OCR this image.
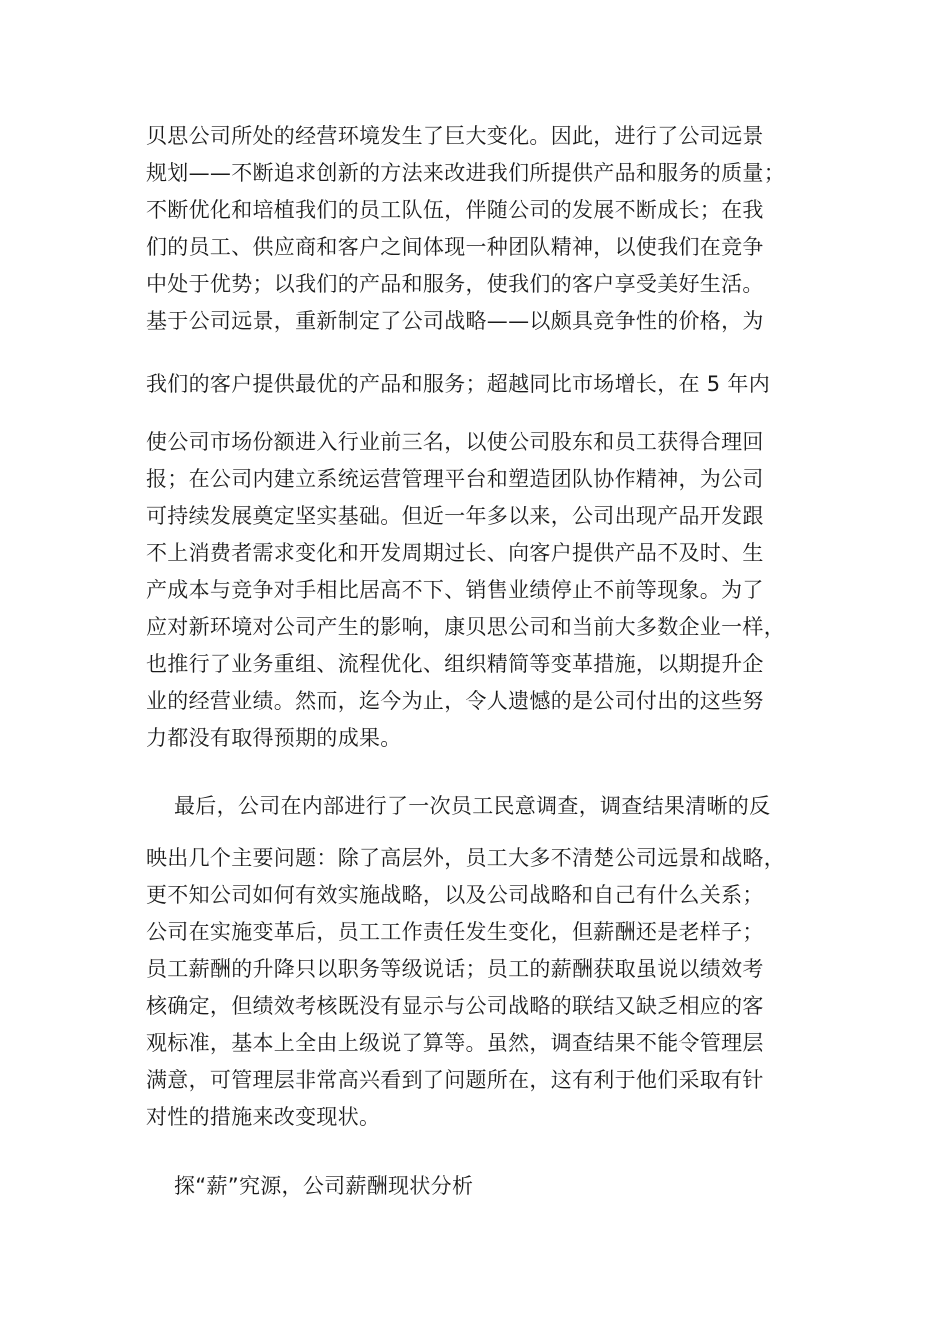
贝思公司所处的经营环境发生了巨大变化。因此，进行了公司远景

规划——不断追求创新的方法来改进我们所提供产品和服务的质量；

不断优化和培植我们的员工队伍，伴随公司的发展不断成长；在我

们的员工、供应商和客户之间体现一种团队精神，以使我们在竞争

中处于优势；以我们的产品和服务，使我们的客户享受美好生活。

基于公司远景，重新制定了公司战略——以颇具竞争性的价格，为

我们的客户提供最优的产品和服务；超越同比市场增长，在 5 年内

使公司市场份额进入行业前三名，以使公司股东和员工获得合理回

报；在公司内建立系统运营管理平台和塑造团队协作精神，为公司

可持续发展奠定坚实基础。但近一年多以来，公司出现产品开发跟

不上消费者需求变化和开发周期过长、向客户提供产品不及时、生

产成本与竞争对手相比居高不下、销售业绩停止不前等现象。为了

应对新环境对公司产生的影响，康贝思公司和当前大多数企业一样，

也推行了业务重组、流程优化、组织精简等变革措施，以期提升企

业的经营业绩。然而，迄今为止，令人遗憾的是公司付出的这些努

力都没有取得预期的成果。

最后，公司在内部进行了一次员工民意调查，调查结果清晰的反

映出几个主要问题：除了高层外，员工大多不清楚公司远景和战略，

更不知公司如何有效实施战略，以及公司战略和自己有什么关系；

公司在实施变革后，员工工作责任发生变化，但薪酬还是老样子；

员工薪酬的升降只以职务等级说话；员工的薪酬获取虽说以绩效考

核确定，但绩效考核既没有显示与公司战略的联结又缺乏相应的客

观标准，基本上全由上级说了算等。虽然，调查结果不能令管理层

满意，可管理层非常高兴看到了问题所在，这有利于他们采取有针

对性的措施来改变现状。

探“薪”究源，公司薪酬现状分析
